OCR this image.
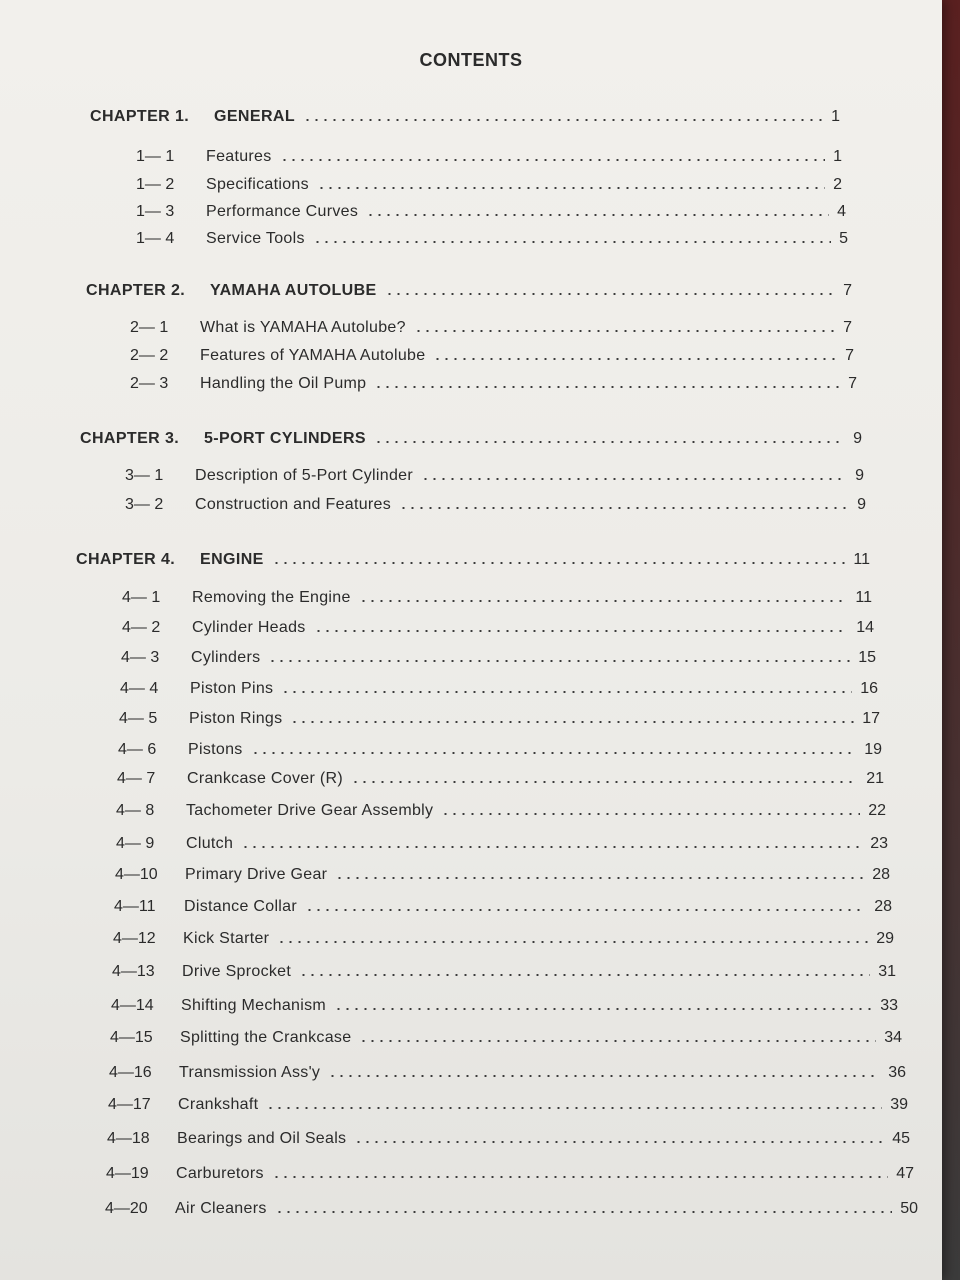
CONTENTS
CHAPTER 1.	GENERAL	1
1— 1	Features	1
1— 2	Specifications	2
1— 3	Performance Curves	4
1— 4	Service Tools	5
CHAPTER 2.	YAMAHA AUTOLUBE	7
2— 1	What is YAMAHA Autolube?	7
2— 2	Features of YAMAHA Autolube	7
2— 3	Handling the Oil Pump	7
CHAPTER 3.	5-PORT CYLINDERS	9
3— 1	Description of 5-Port Cylinder	9
3— 2	Construction and Features	9
CHAPTER 4.	ENGINE	11
4— 1	Removing the Engine	11
4— 2	Cylinder Heads	14
4— 3	Cylinders	15
4— 4	Piston Pins	16
4— 5	Piston Rings	17
4— 6	Pistons	19
4— 7	Crankcase Cover (R)	21
4— 8	Tachometer Drive Gear Assembly	22
4— 9	Clutch	23
4—10	Primary Drive Gear	28
4—11	Distance Collar	28
4—12	Kick Starter	29
4—13	Drive Sprocket	31
4—14	Shifting Mechanism	33
4—15	Splitting the Crankcase	34
4—16	Transmission Ass'y	36
4—17	Crankshaft	39
4—18	Bearings and Oil Seals	45
4—19	Carburetors	47
4—20	Air Cleaners	50
